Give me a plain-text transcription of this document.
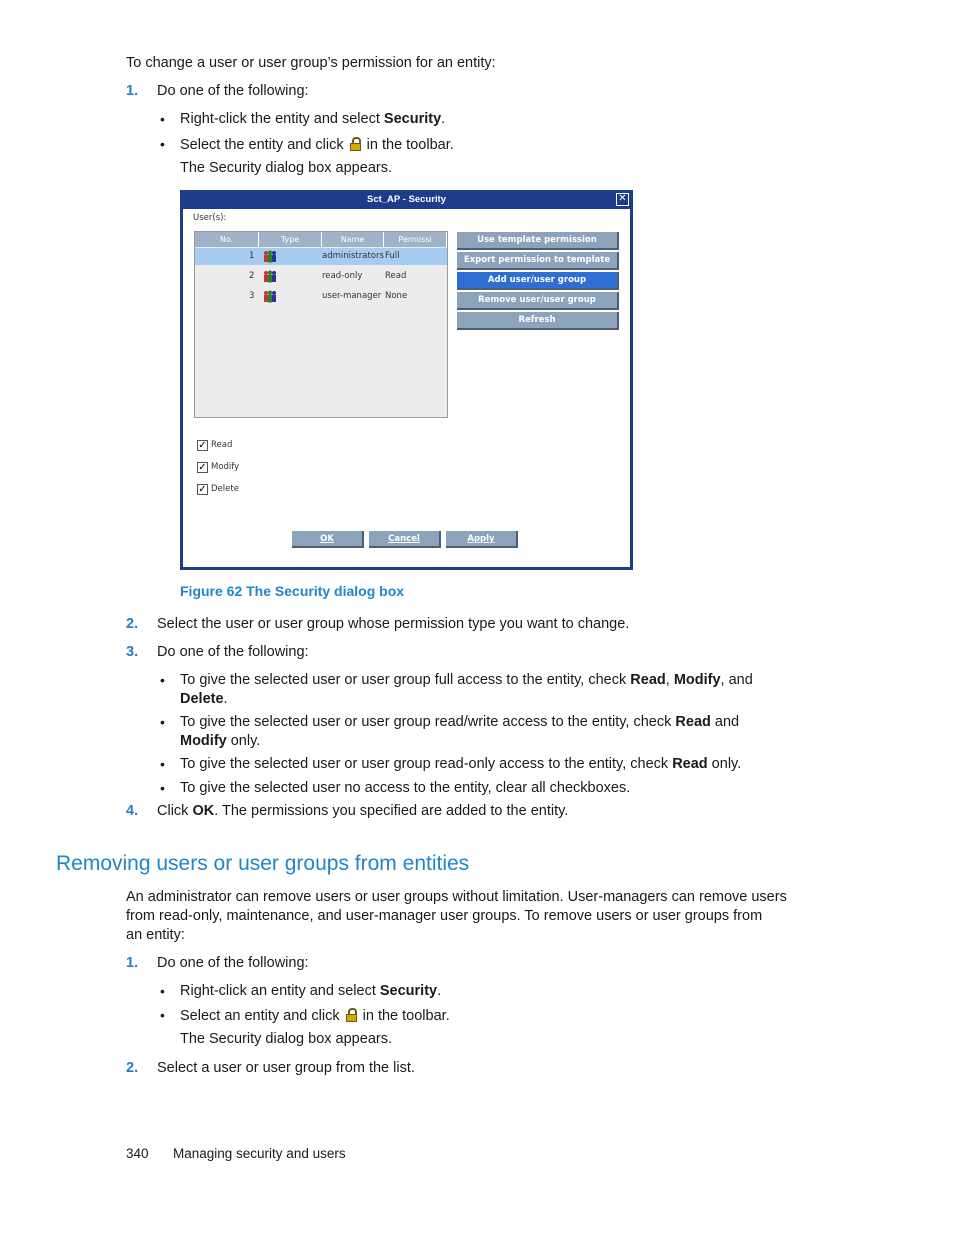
To change a user or user group’s permission for an entity:
1. Do one of the following:
• Right-click the entity and select Security.
• Select the entity and click
in the toolbar.
The Security dialog box appears.
Sct_AP - Security	✕
User(s):
No.	Type	Name	Permissi
1	administrators Full
2	read-only	Read
3	user-manager None
Use template permission
Export permission to template
Add user/user group
Remove user/user group
Refresh
✓ Read
✓ Modify
✓ Delete
OK	Cancel	Apply
Figure 62 The Security dialog box
2. Select the user or user group whose permission type you want to change.
3. Do one of the following:
• To give the selected user or user group full access to the entity, check Read, Modify, and
Delete.
• To give the selected user or user group read/write access to the entity, check Read and
Modify only.
• To give the selected user or user group read-only access to the entity, check Read only.
• To give the selected user no access to the entity, clear all checkboxes.
4. Click OK. The permissions you specified are added to the entity.
Removing users or user groups from entities
An administrator can remove users or user groups without limitation. User-managers can remove users
from read-only, maintenance, and user-manager user groups. To remove users or user groups from
an entity:
1. Do one of the following:
• Right-click an entity and select Security.
• Select an entity and click
in the toolbar.
The Security dialog box appears.
2. Select a user or user group from the list.
340 Managing security and users
